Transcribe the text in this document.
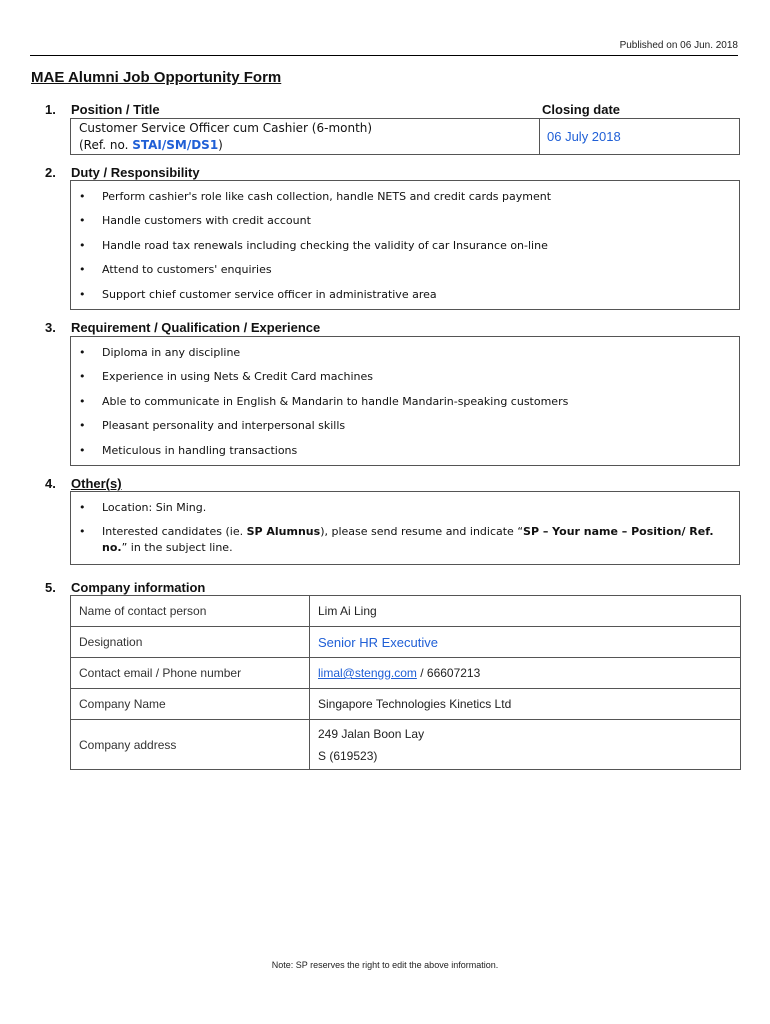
Published on 06 Jun. 2018
MAE Alumni Job Opportunity Form
1. Position / Title	Closing date
Customer Service Officer cum Cashier (6-month)
(Ref. no. STAI/SM/DS1)
06 July 2018
2. Duty / Responsibility
• Perform cashier's role like cash collection, handle NETS and credit cards payment
• Handle customers with credit account
• Handle road tax renewals including checking the validity of car Insurance on-line
• Attend to customers' enquiries
• Support chief customer service officer in administrative area
3. Requirement / Qualification / Experience
• Diploma in any discipline
• Experience in using Nets & Credit Card machines
• Able to communicate in English & Mandarin to handle Mandarin-speaking customers
• Pleasant personality and interpersonal skills
• Meticulous in handling transactions
4. Other(s)
• Location: Sin Ming.
• Interested candidates (ie. SP Alumnus), please send resume and indicate “SP – Your name – Position/ Ref. no.” in the subject line.
5. Company information
Name of contact person	Lim Ai Ling
Designation	Senior HR Executive
Contact email / Phone number	limal@stengg.com / 66607213
Company Name	Singapore Technologies Kinetics Ltd
Company address	249 Jalan Boon Lay
S (619523)
Note: SP reserves the right to edit the above information.
